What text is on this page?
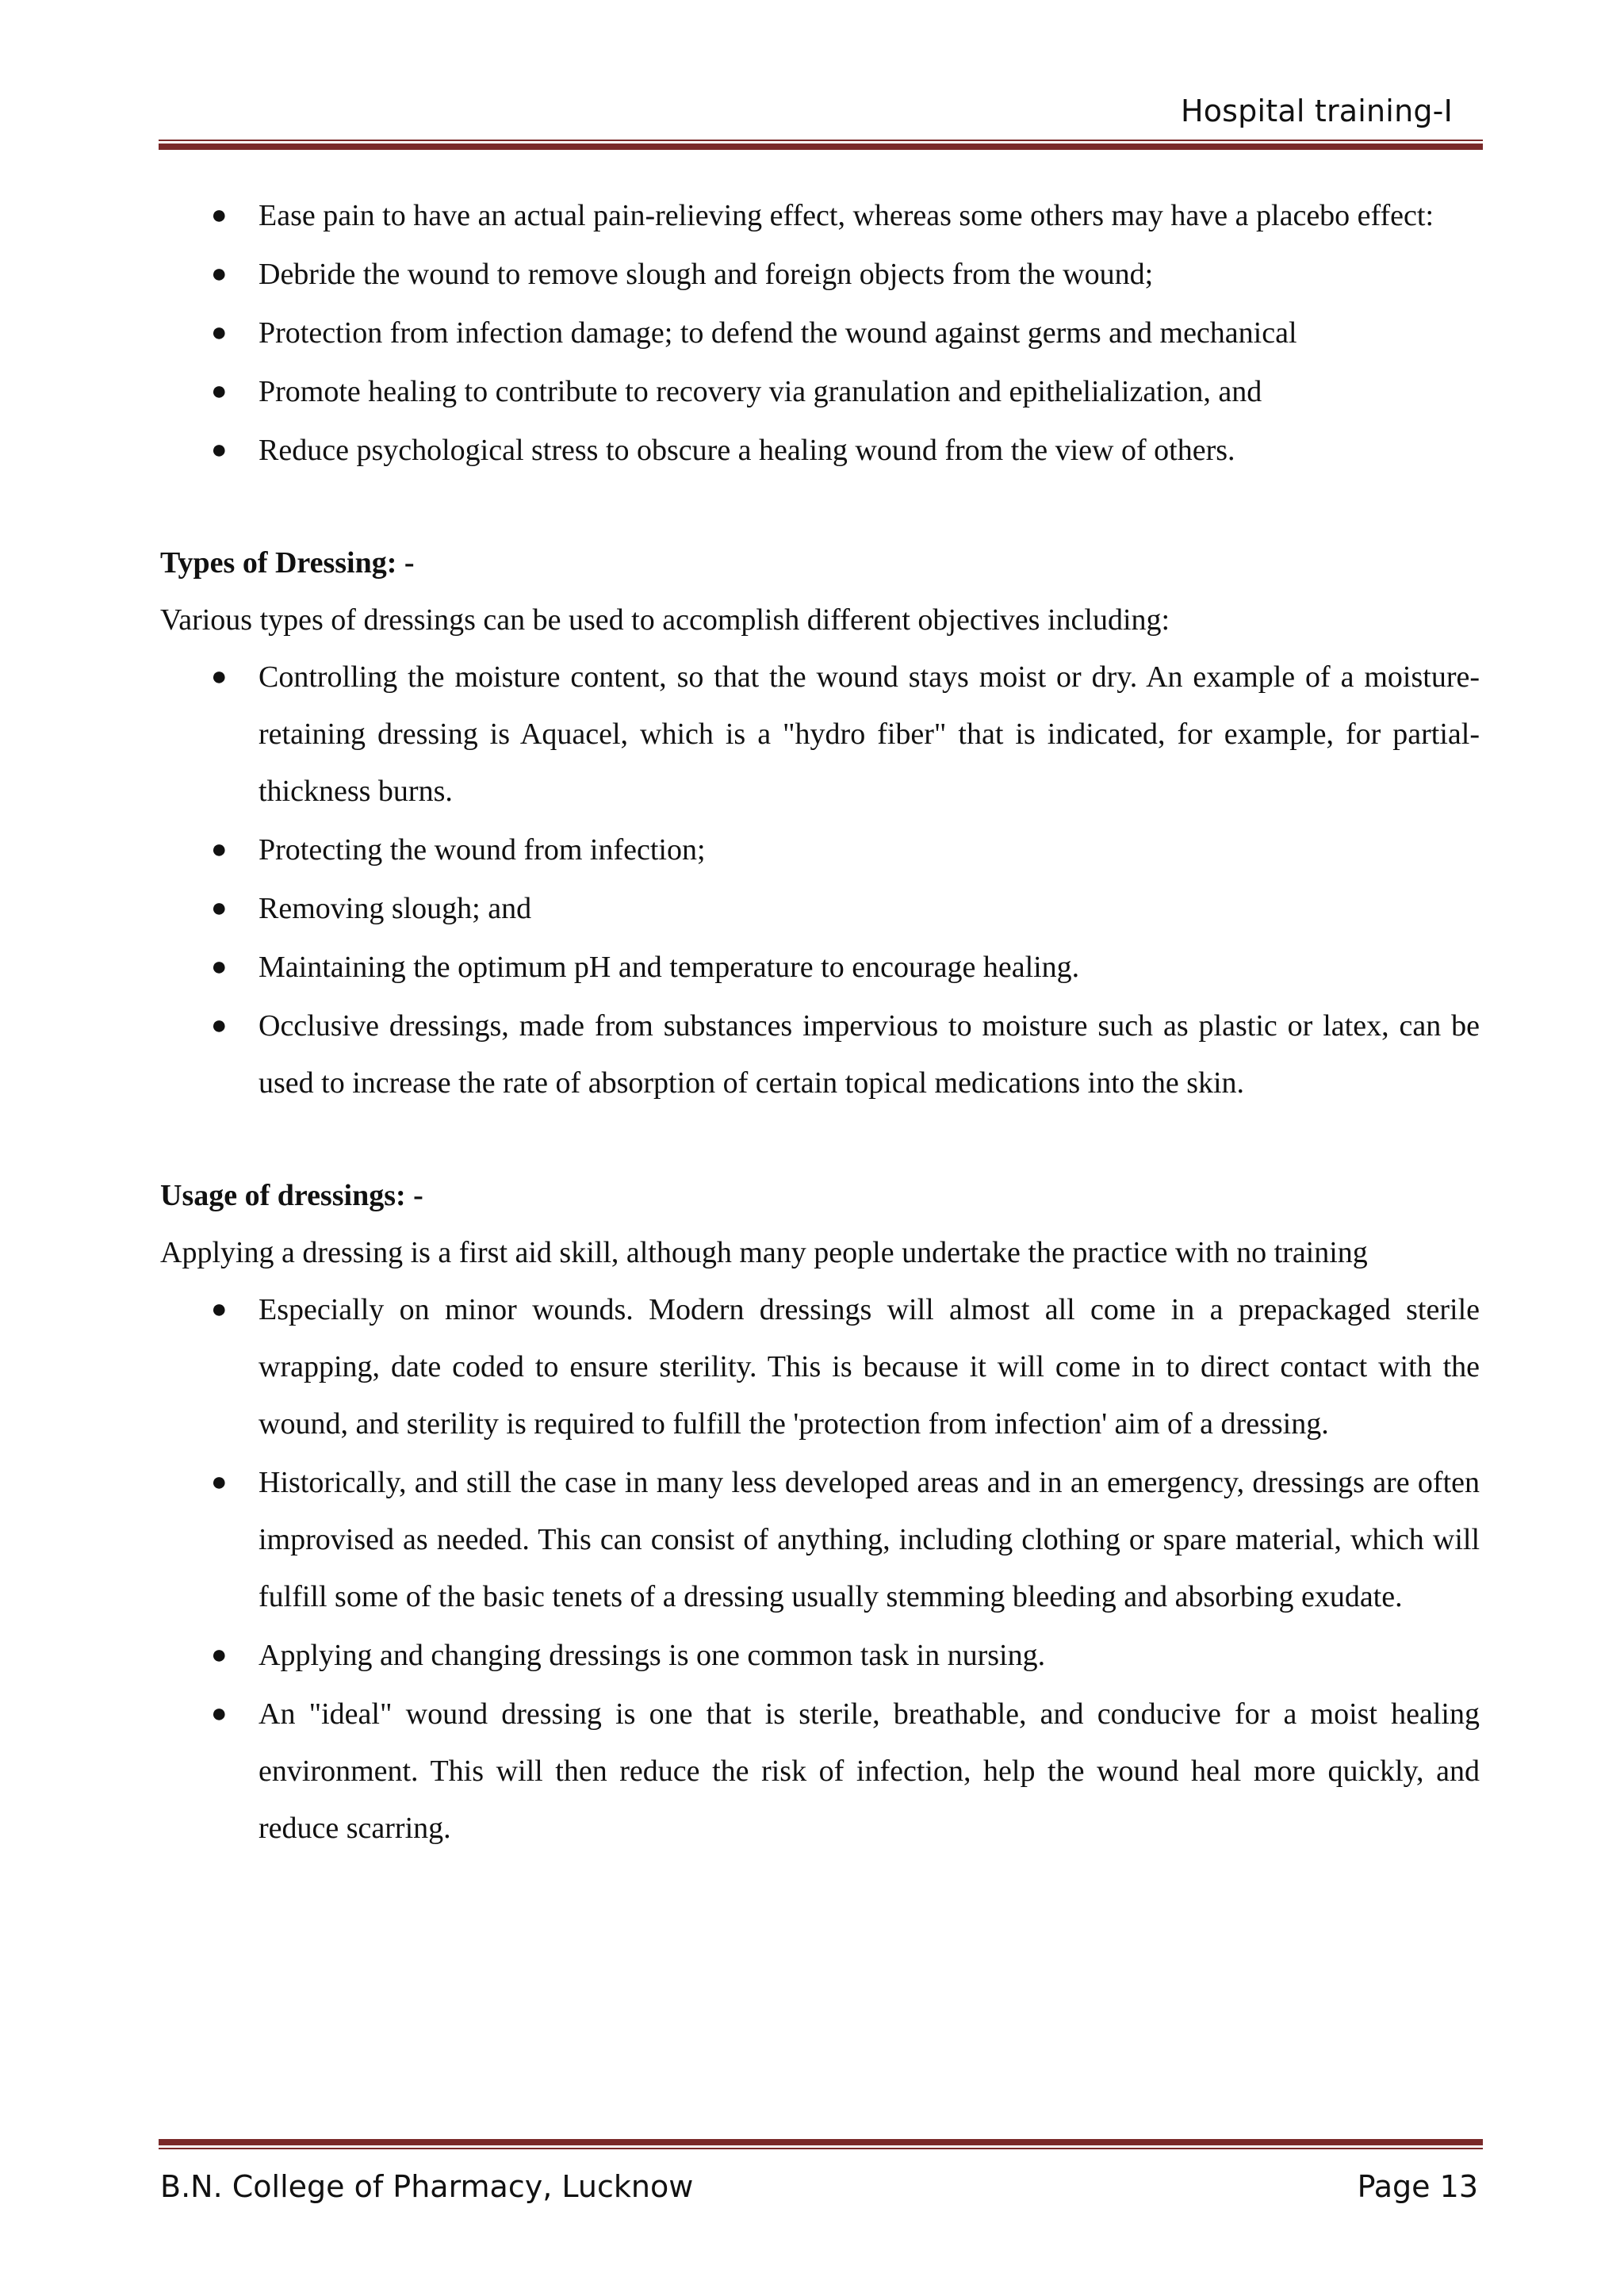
Hospital training-I
● Ease pain to have an actual pain-relieving effect, whereas some others may have a placebo effect:
● Debride the wound to remove slough and foreign objects from the wound;
● Protection from infection damage; to defend the wound against germs and mechanical
● Promote healing to contribute to recovery via granulation and epithelialization, and
● Reduce psychological stress to obscure a healing wound from the view of others.

Types of Dressing: -

Various types of dressings can be used to accomplish different objectives including:

● Controlling the moisture content, so that the wound stays moist or dry. An example of a moisture-retaining dressing is Aquacel, which is a "hydro fiber" that is indicated, for example, for partial- thickness burns.
● Protecting the wound from infection;
● Removing slough; and
● Maintaining the optimum pH and temperature to encourage healing.
● Occlusive dressings, made from substances impervious to moisture such as plastic or latex, can be used to increase the rate of absorption of certain topical medications into the skin.

Usage of dressings: -

Applying a dressing is a first aid skill, although many people undertake the practice with no training

● Especially on minor wounds. Modern dressings will almost all come in a prepackaged sterile wrapping, date coded to ensure sterility. This is because it will come in to direct contact with the wound, and sterility is required to fulfill the 'protection from infection' aim of a dressing.
● Historically, and still the case in many less developed areas and in an emergency, dressings are often improvised as needed. This can consist of anything, including clothing or spare material, which will fulfill some of the basic tenets of a dressing usually stemming bleeding and absorbing exudate.
● Applying and changing dressings is one common task in nursing.
● An "ideal" wound dressing is one that is sterile, breathable, and conducive for a moist healing environment. This will then reduce the risk of infection, help the wound heal more quickly, and reduce scarring.
B.N. College of Pharmacy, Lucknow	Page 13
